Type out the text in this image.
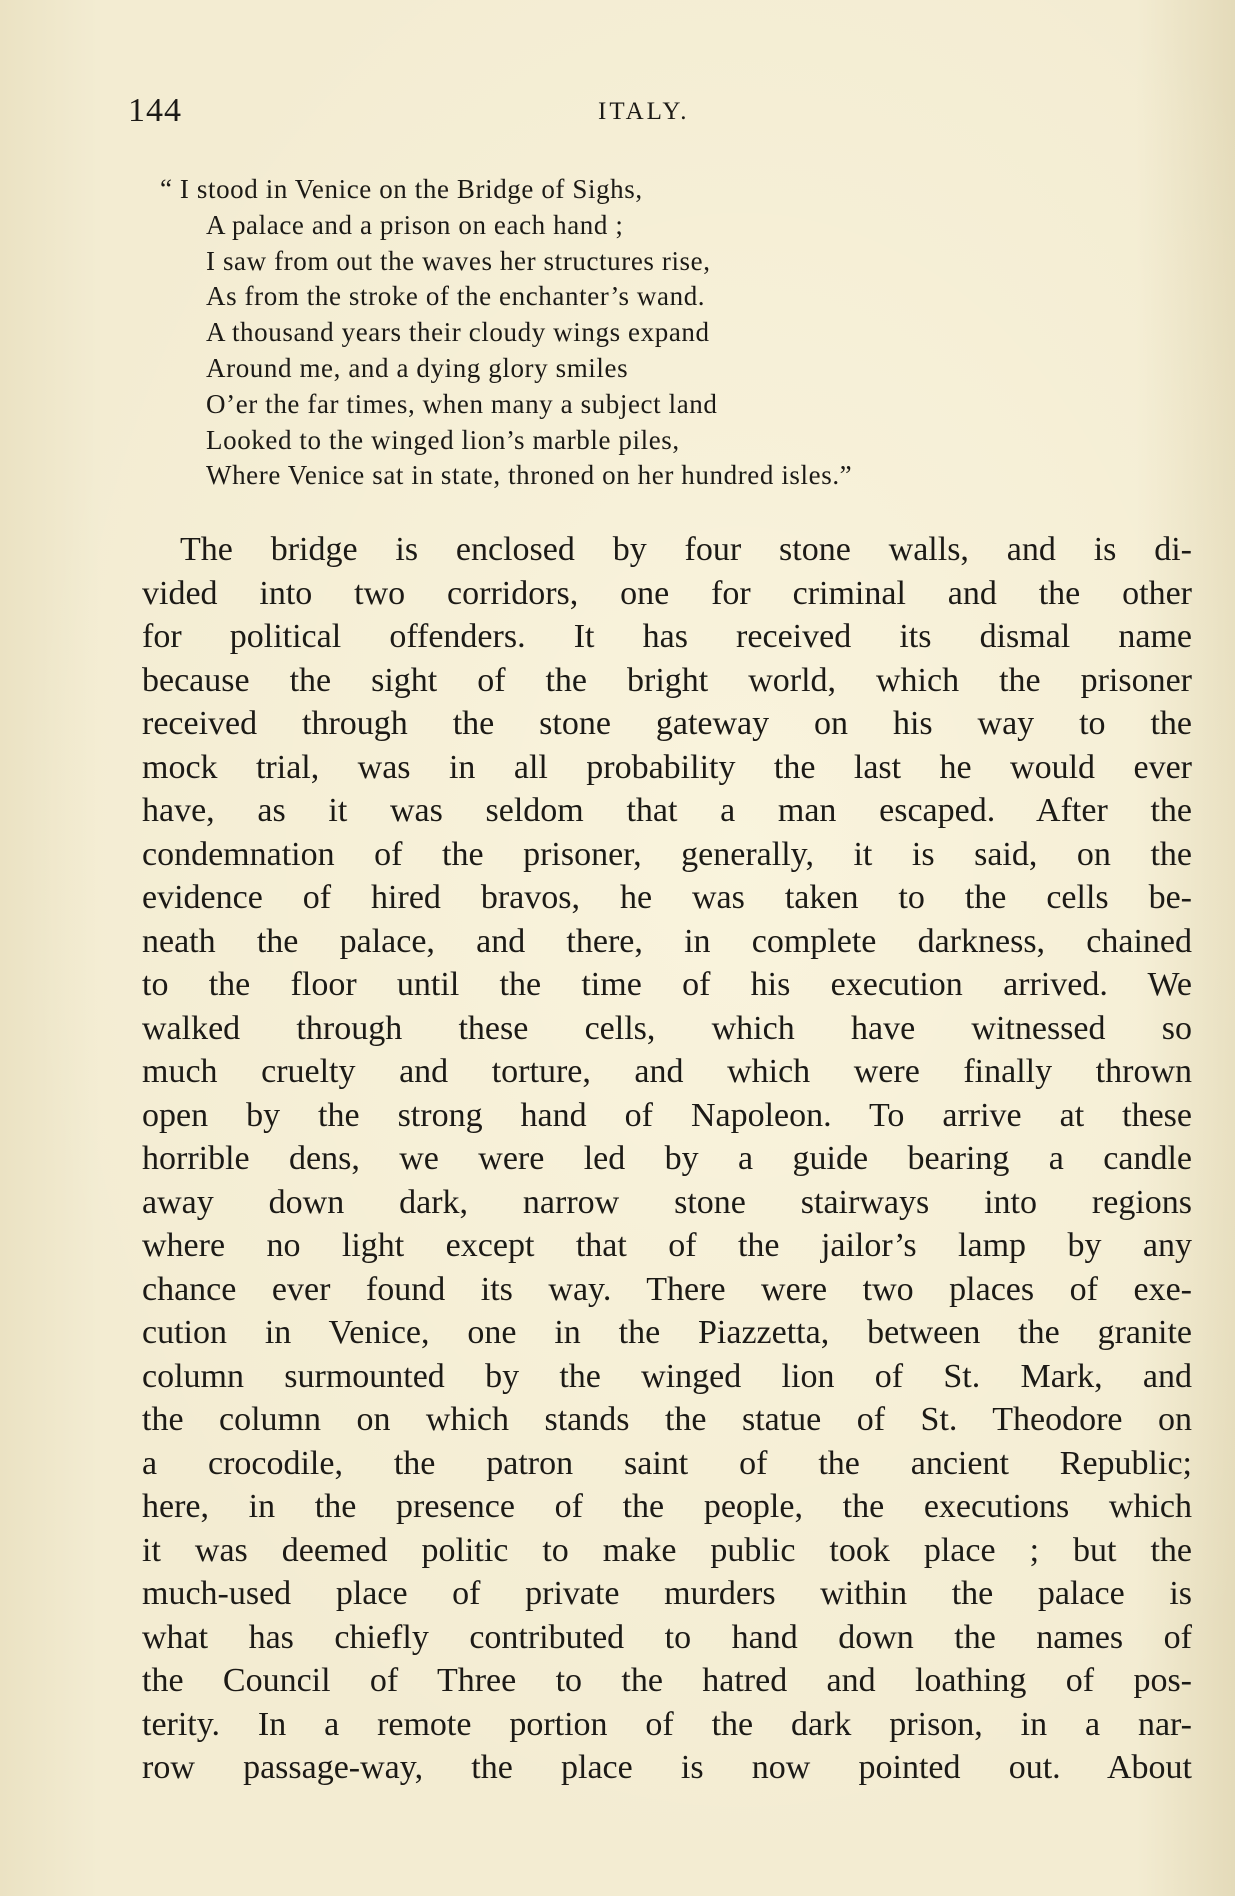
144	ITALY.
“ I stood in Venice on the Bridge of Sighs,
A palace and a prison on each hand ;
I saw from out the waves her structures rise,
As from the stroke of the enchanter’s wand.
A thousand years their cloudy wings expand
Around me, and a dying glory smiles
O’er the far times, when many a subject land
Looked to the winged lion’s marble piles,
Where Venice sat in state, throned on her hundred isles.”
The bridge is enclosed by four stone walls, and is di-
vided into two corridors, one for criminal and the other
for political offenders. It has received its dismal name
because the sight of the bright world, which the prisoner
received through the stone gateway on his way to the
mock trial, was in all probability the last he would ever
have, as it was seldom that a man escaped. After the
condemnation of the prisoner, generally, it is said, on the
evidence of hired bravos, he was taken to the cells be-
neath the palace, and there, in complete darkness, chained
to the floor until the time of his execution arrived. We
walked through these cells, which have witnessed so
much cruelty and torture, and which were finally thrown
open by the strong hand of Napoleon. To arrive at these
horrible dens, we were led by a guide bearing a candle
away down dark, narrow stone stairways into regions
where no light except that of the jailor’s lamp by any
chance ever found its way. There were two places of exe-
cution in Venice, one in the Piazzetta, between the granite
column surmounted by the winged lion of St. Mark, and
the column on which stands the statue of St. Theodore on
a crocodile, the patron saint of the ancient Republic;
here, in the presence of the people, the executions which
it was deemed politic to make public took place ; but the
much-used place of private murders within the palace is
what has chiefly contributed to hand down the names of
the Council of Three to the hatred and loathing of pos-
terity. In a remote portion of the dark prison, in a nar-
row passage-way, the place is now pointed out. About
